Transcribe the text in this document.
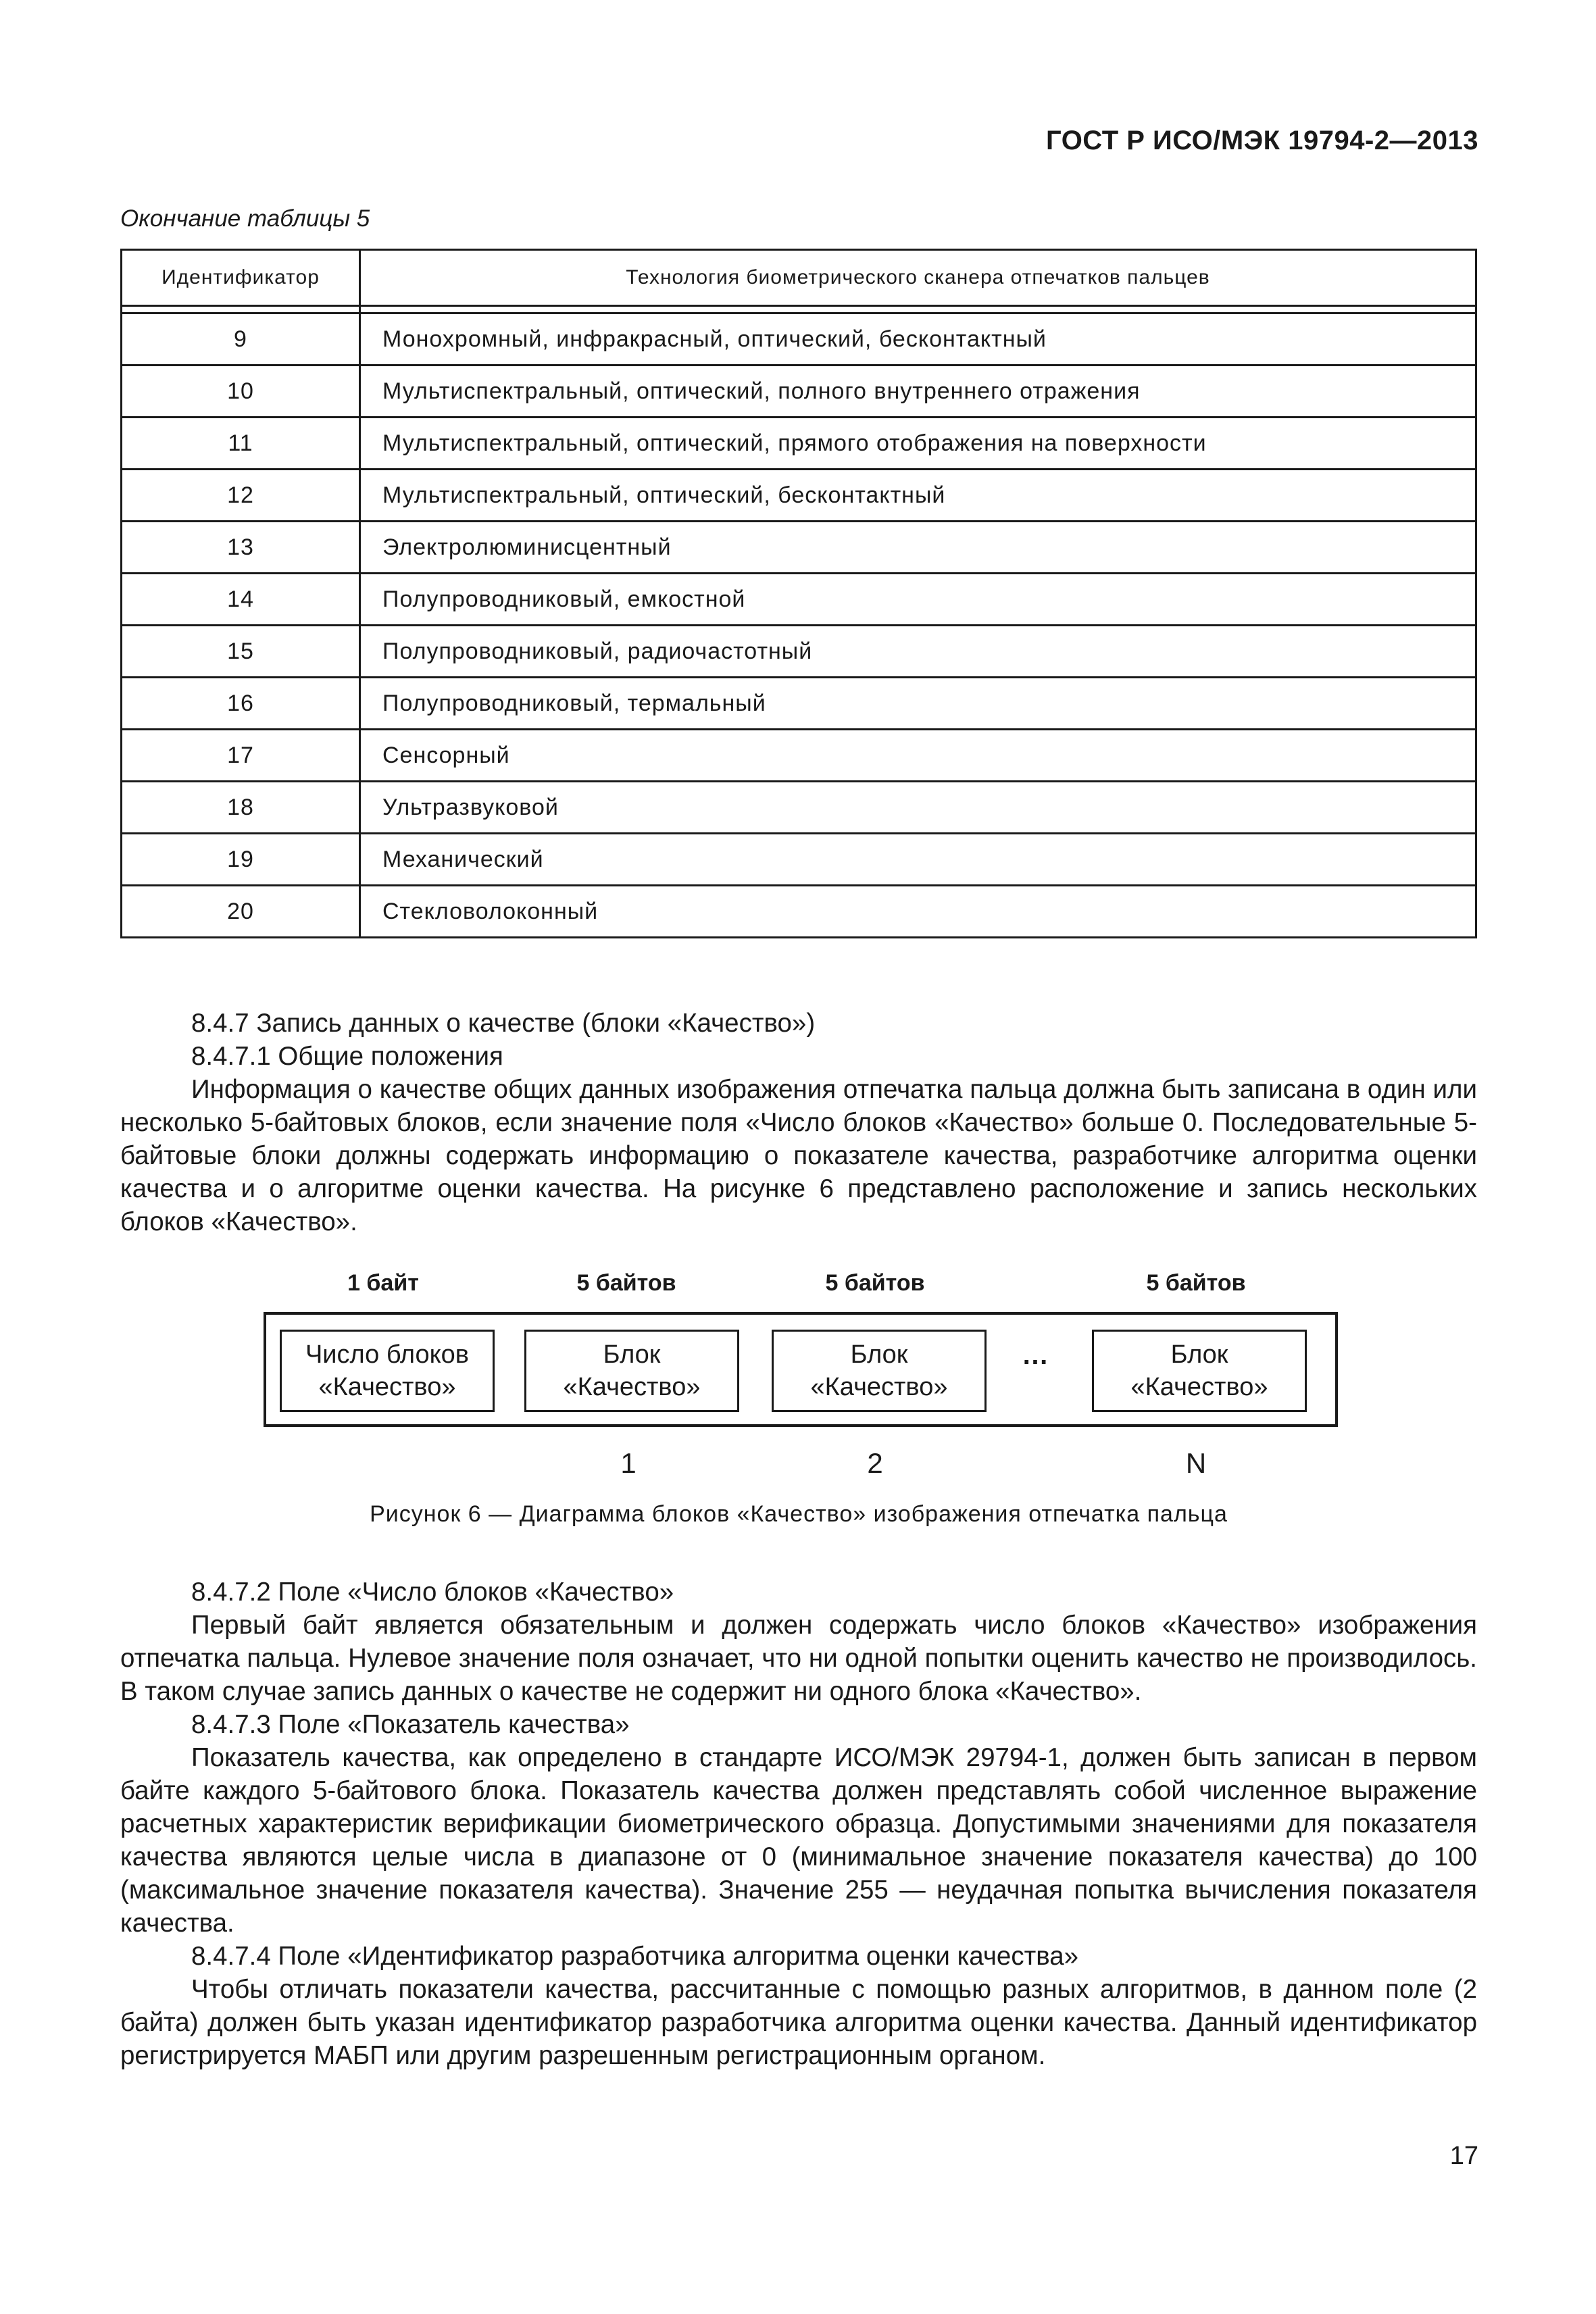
ГОСТ Р ИСО/МЭК 19794-2—2013
Окончание таблицы 5
Идентификатор	Технология биометрического сканера отпечатков пальцев

9	Монохромный, инфракрасный, оптический, бесконтактный
10	Мультиспектральный, оптический, полного внутреннего отражения
11	Мультиспектральный, оптический, прямого отображения на поверхности
12	Мультиспектральный, оптический, бесконтактный
13	Электролюминисцентный
14	Полупроводниковый, емкостной
15	Полупроводниковый, радиочастотный
16	Полупроводниковый, термальный
17	Сенсорный
18	Ультразвуковой
19	Механический
20	Стекловолоконный

8.4.7 Запись данных о качестве (блоки «Качество»)

8.4.7.1 Общие положения

Информация о качестве общих данных изображения отпечатка пальца должна быть записана в один или несколько 5-байтовых блоков, если значение поля «Число блоков «Качество» больше 0. Последовательные 5-байтовые блоки должны содержать информацию о показателе качества, разработчике алгоритма оценки качества и о алгоритме оценки качества. На рисунке 6 представлено расположение и запись нескольких блоков «Качество».

1 байт	5 байтов	5 байтов	5 байтов
Число блоков
«Качество»
Блок
«Качество»
Блок
«Качество»
…	Блок
«Качество»
1	2	N
Рисунок 6 — Диаграмма блоков «Качество» изображения отпечатка пальца

8.4.7.2 Поле «Число блоков «Качество»

Первый байт является обязательным и должен содержать число блоков «Качество» изображения отпечатка пальца. Нулевое значение поля означает, что ни одной попытки оценить качество не производилось. В таком случае запись данных о качестве не содержит ни одного блока «Качество».

8.4.7.3 Поле «Показатель качества»

Показатель качества, как определено в стандарте ИСО/МЭК 29794-1, должен быть записан в первом байте каждого 5-байтового блока. Показатель качества должен представлять собой численное выражение расчетных характеристик верификации биометрического образца. Допустимыми значениями для показателя качества являются целые числа в диапазоне от 0 (минимальное значение показателя качества) до 100 (максимальное значение показателя качества). Значение 255 — неудачная попытка вычисления показателя качества.

8.4.7.4 Поле «Идентификатор разработчика алгоритма оценки качества»

Чтобы отличать показатели качества, рассчитанные с помощью разных алгоритмов, в данном поле (2 байта) должен быть указан идентификатор разработчика алгоритма оценки качества. Данный идентификатор регистрируется МАБП или другим разрешенным регистрационным органом.

17
